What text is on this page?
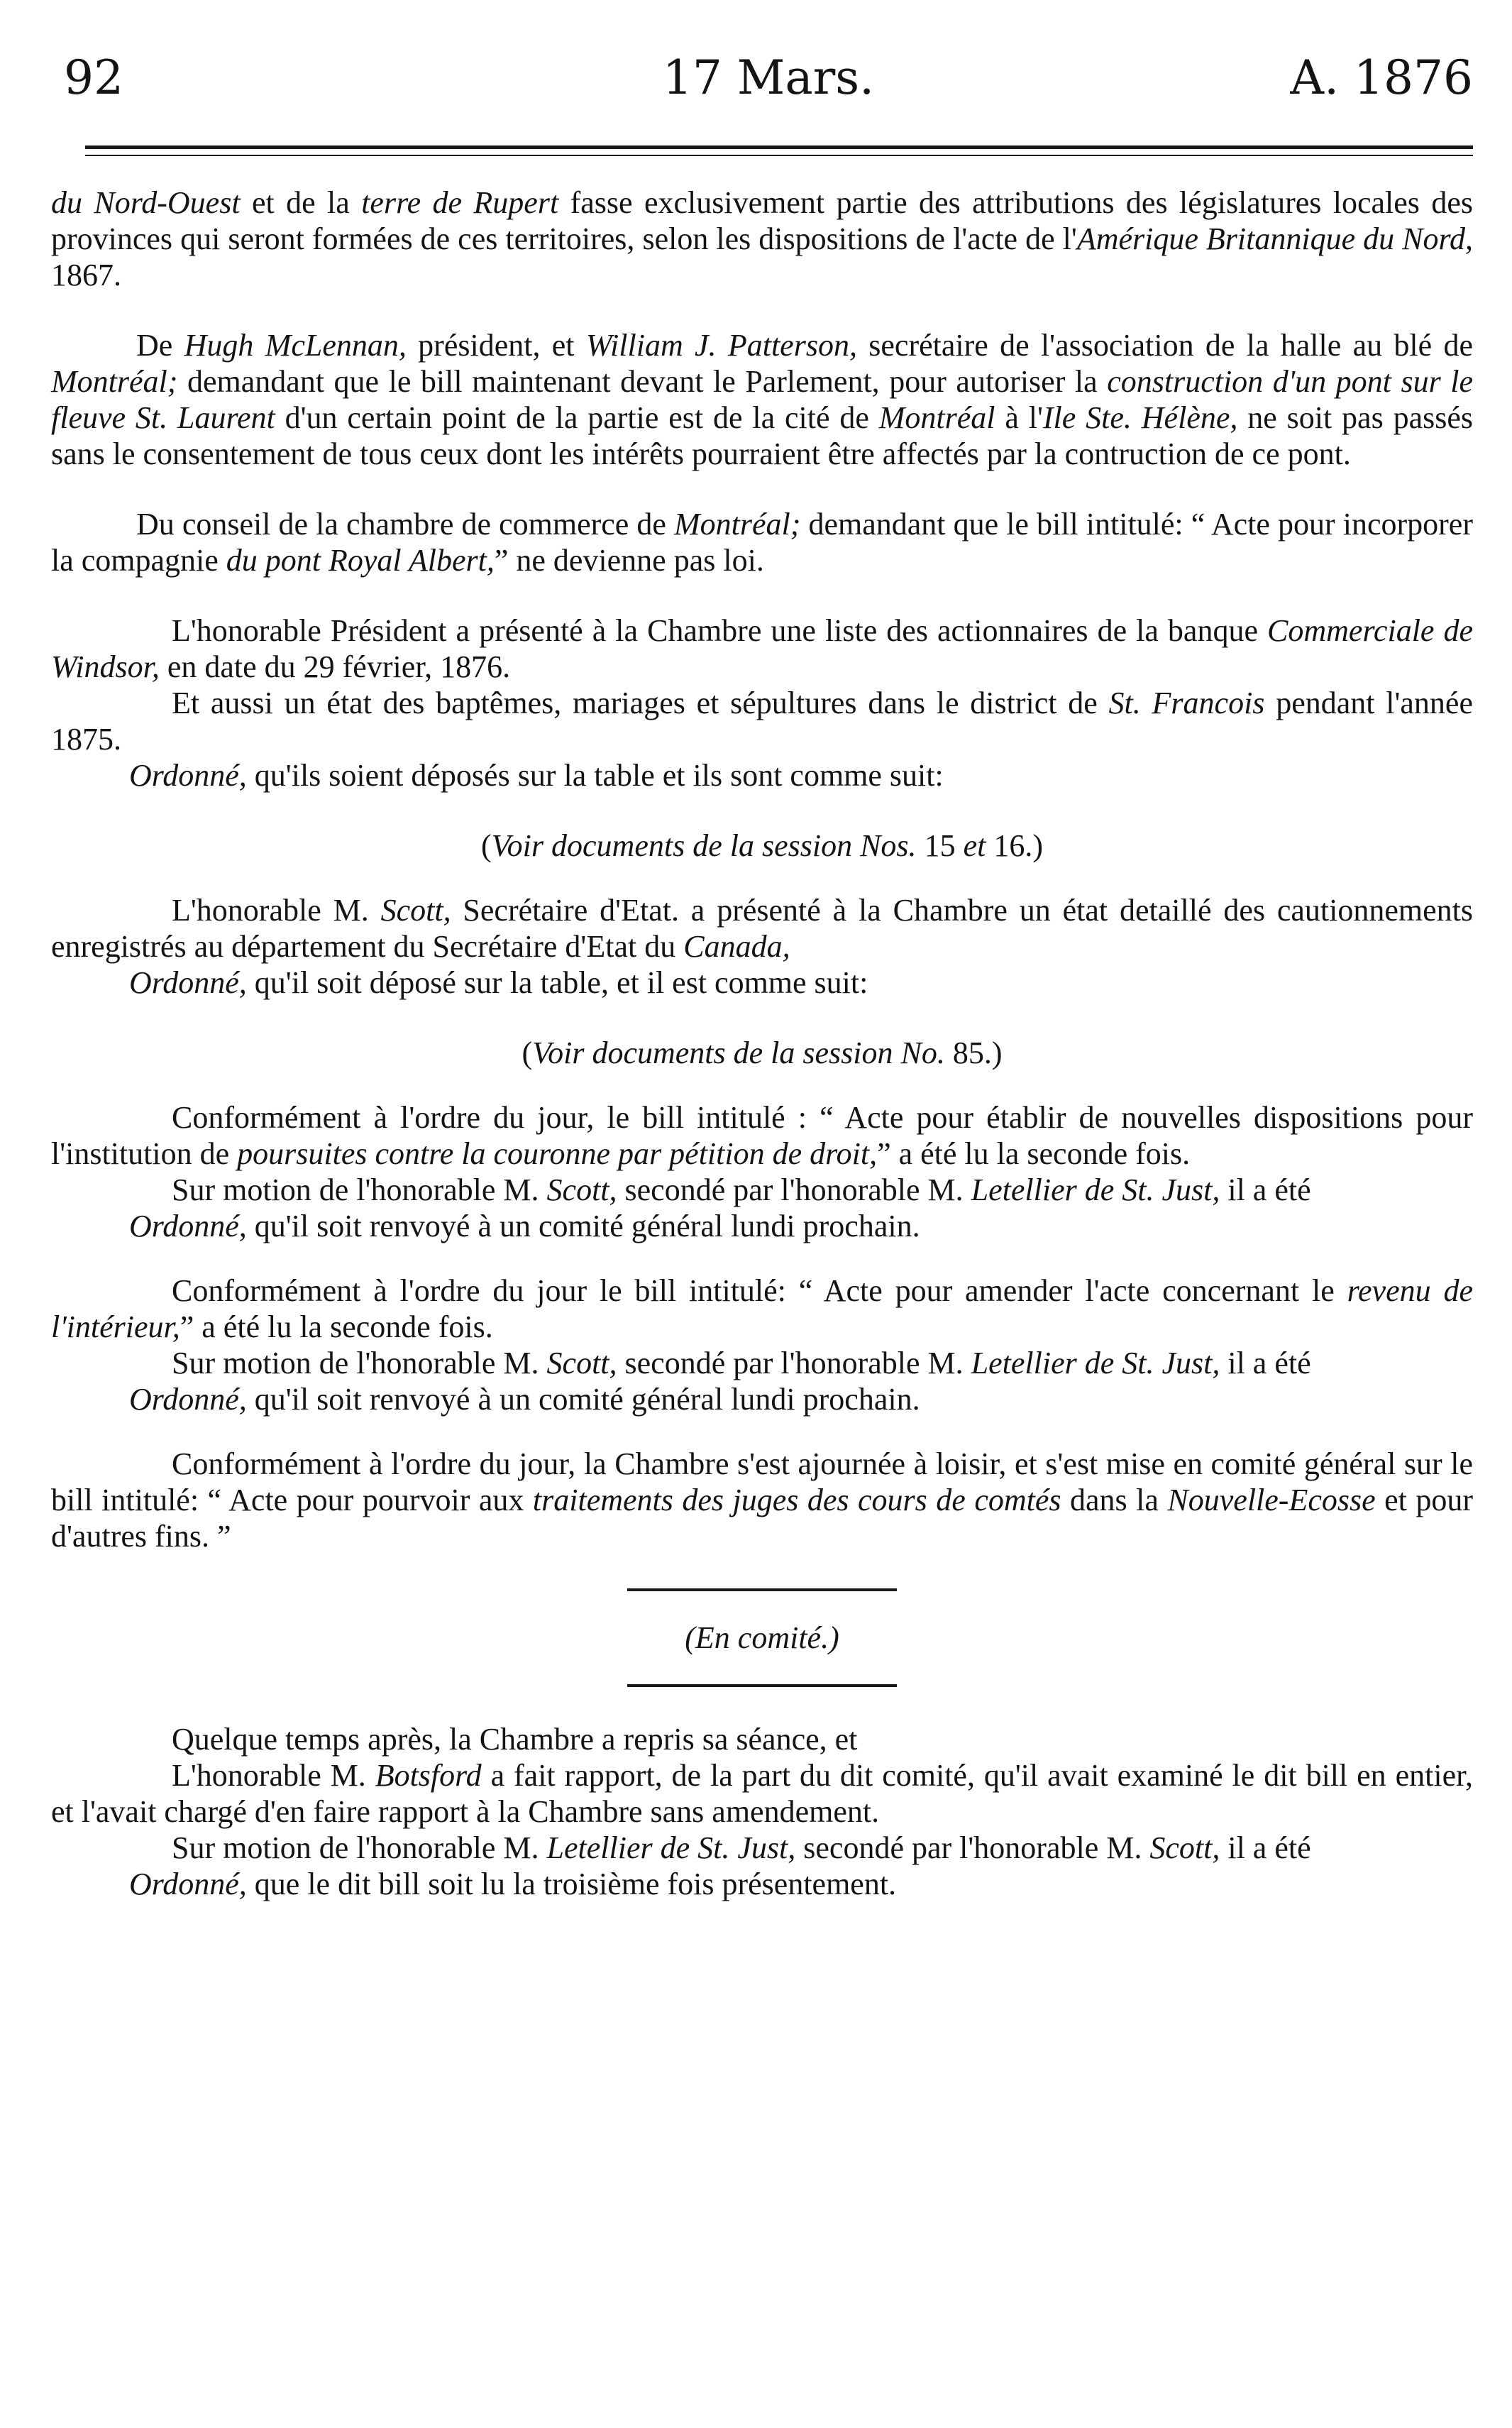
92	17 Mars.	A. 1876

du Nord-Ouest et de la terre de Rupert fasse exclusivement partie des attributions des législatures locales des provinces qui seront formées de ces territoires, selon les dispositions de l'acte de l'Amérique Britannique du Nord, 1867.

De Hugh McLennan, président, et William J. Patterson, secrétaire de l'association de la halle au blé de Montréal; demandant que le bill maintenant devant le Parlement, pour autoriser la construction d'un pont sur le fleuve St. Laurent d'un certain point de la partie est de la cité de Montréal à l'Ile Ste. Hélène, ne soit pas passés sans le consentement de tous ceux dont les intérêts pourraient être affectés par la contruction de ce pont.

Du conseil de la chambre de commerce de Montréal; demandant que le bill intitulé: “ Acte pour incorporer la compagnie du pont Royal Albert,” ne devienne pas loi.

L'honorable Président a présenté à la Chambre une liste des actionnaires de la banque Commerciale de Windsor, en date du 29 février, 1876.

Et aussi un état des baptêmes, mariages et sépultures dans le district de St. Francois pendant l'année 1875.

Ordonné, qu'ils soient déposés sur la table et ils sont comme suit:

(Voir documents de la session Nos. 15 et 16.)

L'honorable M. Scott, Secrétaire d'Etat. a présenté à la Chambre un état detaillé des cautionnements enregistrés au département du Secrétaire d'Etat du Canada,

Ordonné, qu'il soit déposé sur la table, et il est comme suit:

(Voir documents de la session No. 85.)

Conformément à l'ordre du jour, le bill intitulé : “ Acte pour établir de nouvelles dispositions pour l'institution de poursuites contre la couronne par pétition de droit,” a été lu la seconde fois.

Sur motion de l'honorable M. Scott, secondé par l'honorable M. Letellier de St. Just, il a été

Ordonné, qu'il soit renvoyé à un comité général lundi prochain.

Conformément à l'ordre du jour le bill intitulé: “ Acte pour amender l'acte concernant le revenu de l'intérieur,” a été lu la seconde fois.

Sur motion de l'honorable M. Scott, secondé par l'honorable M. Letellier de St. Just, il a été

Ordonné, qu'il soit renvoyé à un comité général lundi prochain.

Conformément à l'ordre du jour, la Chambre s'est ajournée à loisir, et s'est mise en comité général sur le bill intitulé: “ Acte pour pourvoir aux traitements des juges des cours de comtés dans la Nouvelle-Ecosse et pour d'autres fins. ”

(En comité.)

Quelque temps après, la Chambre a repris sa séance, et

L'honorable M. Botsford a fait rapport, de la part du dit comité, qu'il avait examiné le dit bill en entier, et l'avait chargé d'en faire rapport à la Chambre sans amendement.

Sur motion de l'honorable M. Letellier de St. Just, secondé par l'honorable M. Scott, il a été

Ordonné, que le dit bill soit lu la troisième fois présentement.
